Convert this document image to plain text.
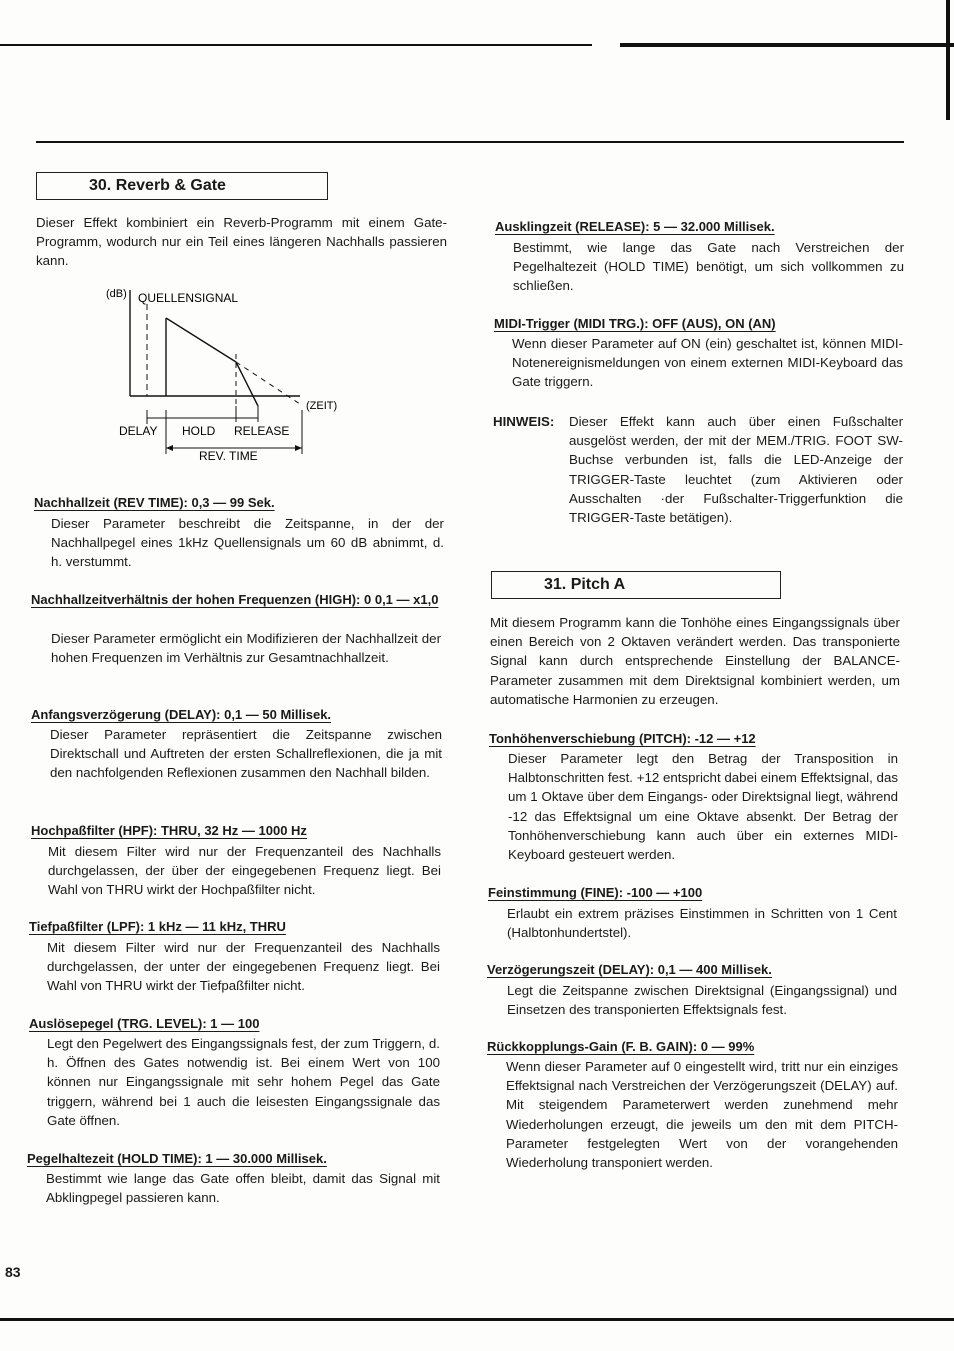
30. Reverb & Gate

Dieser Effekt kombiniert ein Reverb-Programm mit einem Gate-Programm, wodurch nur ein Teil eines längeren Nachhalls passieren kann.

(dB) QUELLENSIGNAL
(ZEIT)
DELAY HOLD RELEASE
REV. TIME

Nachhallzeit (REV TIME): 0,3 — 99 Sek.

Dieser Parameter beschreibt die Zeitspanne, in der der Nachhallpegel eines 1kHz Quellensignals um 60 dB abnimmt, d. h. verstummt.

Nachhallzeitverhältnis der hohen Frequenzen (HIGH): 0 0,1 — x1,0

Dieser Parameter ermöglicht ein Modifizieren der Nachhallzeit der hohen Frequenzen im Verhältnis zur Gesamtnachhallzeit.

Anfangsverzögerung (DELAY): 0,1 — 50 Millisek.

Dieser Parameter repräsentiert die Zeitspanne zwischen Direktschall und Auftreten der ersten Schallreflexionen, die ja mit den nachfolgenden Reflexionen zusammen den Nachhall bilden.

Hochpaßfilter (HPF): THRU, 32 Hz — 1000 Hz

Mit diesem Filter wird nur der Frequenzanteil des Nachhalls durchgelassen, der über der eingegebenen Frequenz liegt. Bei Wahl von THRU wirkt der Hochpaßfilter nicht.

Tiefpaßfilter (LPF): 1 kHz — 11 kHz, THRU

Mit diesem Filter wird nur der Frequenzanteil des Nachhalls durchgelassen, der unter der eingegebenen Frequenz liegt. Bei Wahl von THRU wirkt der Tiefpaßfilter nicht.

Auslösepegel (TRG. LEVEL): 1 — 100

Legt den Pegelwert des Eingangssignals fest, der zum Triggern, d. h. Öffnen des Gates notwendig ist. Bei einem Wert von 100 können nur Eingangssignale mit sehr hohem Pegel das Gate triggern, während bei 1 auch die leisesten Eingangssignale das Gate öffnen.

Pegelhaltezeit (HOLD TIME): 1 — 30.000 Millisek.

Bestimmt wie lange das Gate offen bleibt, damit das Signal mit Abklingpegel passieren kann.

83

Ausklingzeit (RELEASE): 5 — 32.000 Millisek.

Bestimmt, wie lange das Gate nach Verstreichen der Pegelhaltezeit (HOLD TIME) benötigt, um sich vollkommen zu schließen.

MIDI-Trigger (MIDI TRG.): OFF (AUS), ON (AN)

Wenn dieser Parameter auf ON (ein) geschaltet ist, können MIDI-Notenereignismeldungen von einem externen MIDI-Keyboard das Gate triggern.

HINWEIS: Dieser Effekt kann auch über einen Fußschalter ausgelöst werden, der mit der MEM./TRIG. FOOT SW-Buchse verbunden ist, falls die LED-Anzeige der TRIGGER-Taste leuchtet (zum Aktivieren oder Ausschalten ·der Fußschalter-Triggerfunktion die TRIGGER-Taste betätigen).

31. Pitch A

Mit diesem Programm kann die Tonhöhe eines Eingangssignals über einen Bereich von 2 Oktaven verändert werden. Das transponierte Signal kann durch entsprechende Einstellung der BALANCE-Parameter zusammen mit dem Direktsignal kombiniert werden, um automatische Harmonien zu erzeugen.

Tonhöhenverschiebung (PITCH): -12 — +12

Dieser Parameter legt den Betrag der Transposition in Halbtonschritten fest. +12 entspricht dabei einem Effektsignal, das um 1 Oktave über dem Eingangs- oder Direktsignal liegt, während -12 das Effektsignal um eine Oktave absenkt. Der Betrag der Tonhöhenverschiebung kann auch über ein externes MIDI-Keyboard gesteuert werden.

Feinstimmung (FINE): -100 — +100

Erlaubt ein extrem präzises Einstimmen in Schritten von 1 Cent (Halbtonhundertstel).

Verzögerungszeit (DELAY): 0,1 — 400 Millisek.

Legt die Zeitspanne zwischen Direktsignal (Eingangssignal) und Einsetzen des transponierten Effektsignals fest.

Rückkopplungs-Gain (F. B. GAIN): 0 — 99%

Wenn dieser Parameter auf 0 eingestellt wird, tritt nur ein einziges Effektsignal nach Verstreichen der Verzögerungszeit (DELAY) auf. Mit steigendem Parameterwert werden zunehmend mehr Wiederholungen erzeugt, die jeweils um den mit dem PITCH-Parameter festgelegten Wert von der vorangehenden Wiederholung transponiert werden.
